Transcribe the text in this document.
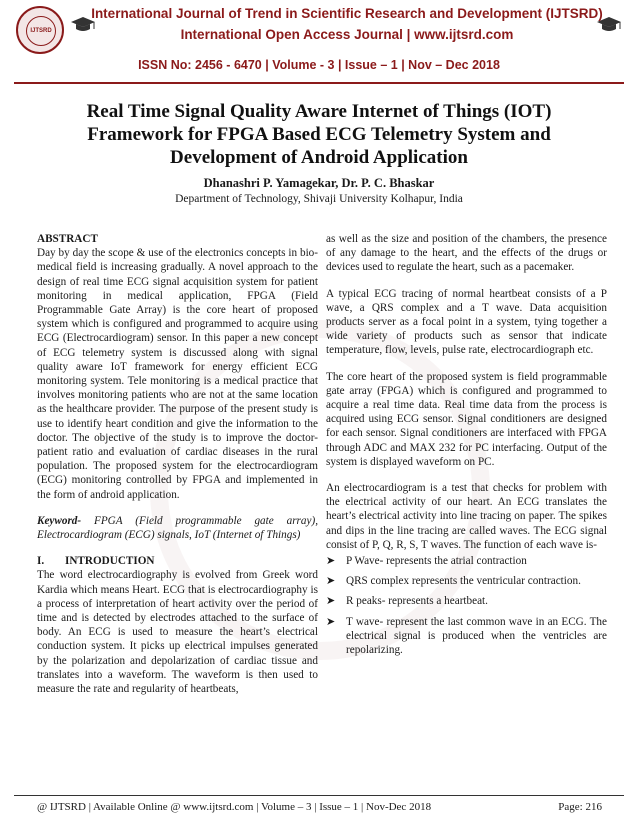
IJTSRD
International Journal of Trend in Scientific Research and Development (IJTSRD)
International Open Access Journal | www.ijtsrd.com
ISSN No: 2456 - 6470 | Volume - 3 | Issue – 1 | Nov – Dec 2018
Real Time Signal Quality Aware Internet of Things (IOT) Framework for FPGA Based ECG Telemetry System and Development of Android Application
Dhanashri P. Yamagekar, Dr. P. C. Bhaskar
Department of Technology, Shivaji University Kolhapur, India
ABSTRACT

Day by day the scope & use of the electronics concepts in bio-medical field is increasing gradually. A novel approach to the design of real time ECG signal acquisition system for patient monitoring in medical application, FPGA (Field Programmable Gate Array) is the core heart of proposed system which is configured and programmed to acquire using ECG (Electrocardiogram) sensor. In this paper a new concept of ECG telemetry system is discussed along with signal quality aware IoT framework for energy efficient ECG monitoring system. Tele monitoring is a medical practice that involves monitoring patients who are not at the same location as the healthcare provider. The purpose of the present study is use to identify heart condition and give the information to the doctor. The objective of the study is to improve the doctor-patient ratio and evaluation of cardiac diseases in the rural population. The proposed system for the electrocardiogram (ECG) monitoring controlled by FPGA and implemented in the form of android application.

Keyword- FPGA (Field programmable gate array), Electrocardiogram (ECG) signals, IoT (Internet of Things)

I.	INTRODUCTION

The word electrocardiography is evolved from Greek word Kardia which means Heart. ECG that is electrocardiography is a process of interpretation of heart activity over the period of time and is detected by electrodes attached to the surface of body. An ECG is used to measure the heart’s electrical conduction system. It picks up electrical impulses generated by the polarization and depolarization of cardiac tissue and translates into a waveform. The waveform is then used to measure the rate and regularity of heartbeats,

as well as the size and position of the chambers, the presence of any damage to the heart, and the effects of the drugs or devices used to regulate the heart, such as a pacemaker.

A typical ECG tracing of normal heartbeat consists of a P wave, a QRS complex and a T wave. Data acquisition products server as a focal point in a system, tying together a wide variety of products such as sensor that indicate temperature, flow, levels, pulse rate, electrocardiograph etc.

The core heart of the proposed system is field programmable gate array (FPGA) which is configured and programmed to acquire a real time data. Real time data from the process is acquired using ECG sensor. Signal conditioners are designed for each sensor. Signal conditioners are interfaced with FPGA through ADC and MAX 232 for PC interfacing. Output of the system is displayed waveform on PC.

An electrocardiogram is a test that checks for problem with the electrical activity of our heart. An ECG translates the heart’s electrical activity into line tracing on paper. The spikes and dips in the line tracing are called waves. The ECG signal consist of P, Q, R, S, T waves. The function of each wave is-

➤ P Wave- represents the atrial contraction
➤ QRS complex represents the ventricular contraction.
➤ R peaks- represents a heartbeat.
➤ T wave- represent the last common wave in an ECG. The electrical signal is produced when the ventricles are repolarizing.
@ IJTSRD | Available Online @ www.ijtsrd.com | Volume – 3 | Issue – 1 | Nov-Dec 2018	Page: 216
